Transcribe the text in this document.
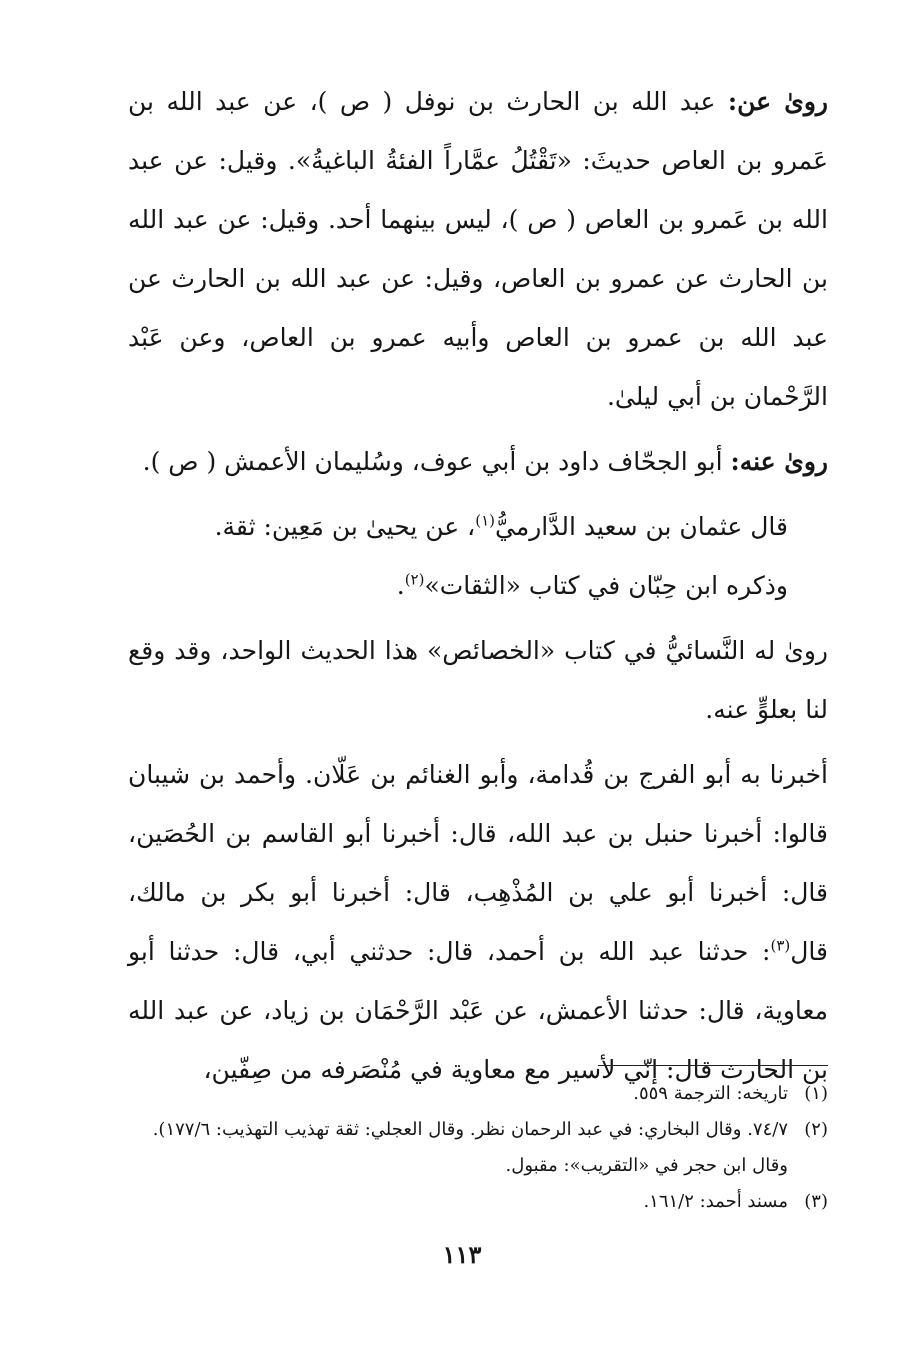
روىٰ عن: عبد الله بن الحارث بن نوفل ( ص )، عن عبد الله بن عَمرو بن العاص حديثَ: «تَقْتُلُ عمَّاراً الفئةُ الباغيةُ». وقيل: عن عبد الله بن عَمرو بن العاص ( ص )، ليس بينهما أحد. وقيل: عن عبد الله بن الحارث عن عمرو بن العاص، وقيل: عن عبد الله بن الحارث عن عبد الله بن عمرو بن العاص وأبيه عمرو بن العاص، وعن عَبْد الرَّحْمان بن أبي ليلىٰ.

روىٰ عنه: أبو الجحّاف داود بن أبي عوف، وسُليمان الأعمش ( ص ).

قال عثمان بن سعيد الدَّارميُّ$^{(١)}$، عن يحيىٰ بن مَعِين: ثقة.

وذكره ابن حِبّان في كتاب «الثقات»$^{(٢)}$.

روىٰ له النَّسائيُّ في كتاب «الخصائص» هذا الحديث الواحد، وقد وقع لنا بعلوٍّ عنه.

أخبرنا به أبو الفرج بن قُدامة، وأبو الغنائم بن عَلّان. وأحمد بن شيبان قالوا: أخبرنا حنبل بن عبد الله، قال: أخبرنا أبو القاسم بن الحُصَين، قال: أخبرنا أبو علي بن المُذْهِب، قال: أخبرنا أبو بكر بن مالك، قال$^{(٣)}$: حدثنا عبد الله بن أحمد، قال: حدثني أبي، قال: حدثنا أبو معاوية، قال: حدثنا الأعمش، عن عَبْد الرَّحْمَان بن زياد، عن عبد الله بن الحارث قال: إنّي لأسير مع معاوية في مُنْصَرفه من صِفّين،

(١)
تاريخه: الترجمة ٥٥٩.
(٢)
٧٤/٧. وقال البخاري: في عبد الرحمان نظر. وقال العجلي: ثقة تهذيب التهذيب: ١٧٧/٦). وقال ابن حجر في «التقريب»: مقبول.
(٣)
مسند أحمد: ١٦١/٢.
١١٣
